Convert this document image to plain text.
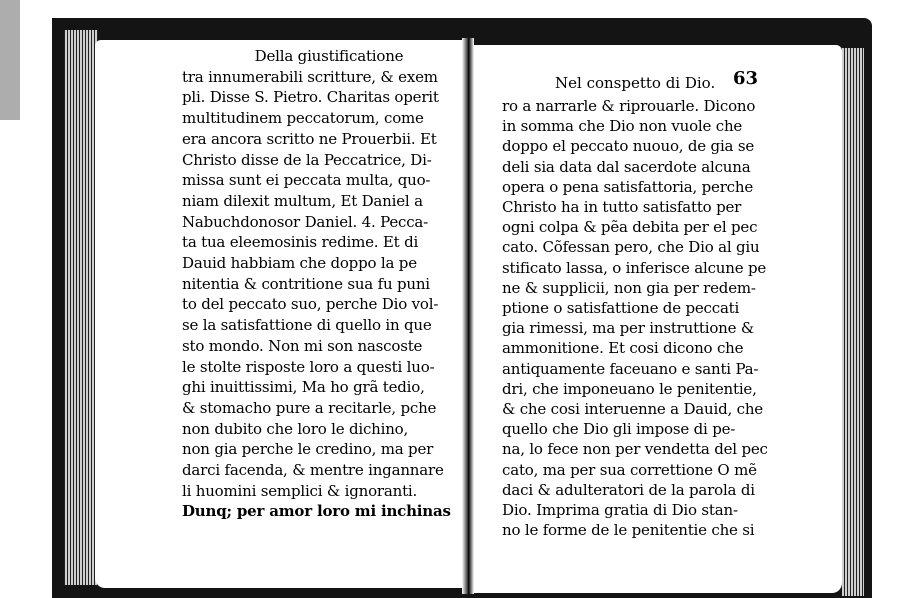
Della giustificatione
tra innumerabili scritture, & exem
pli. Disse S. Pietro. Charitas operit
multitudinem peccatorum, come
era ancora scritto ne Prouerbii. Et
Christo disse de la Peccatrice, Di-
missa sunt ei peccata multa, quo-
niam dilexit multum, Et Daniel a
Nabuchdonosor Daniel. 4. Pecca-
ta tua eleemosinis redime. Et di
Dauid habbiam che doppo la pe
nitentia & contritione sua fu puni
to del peccato suo, perche Dio vol-
se la satisfattione di quello in que
sto mondo. Non mi son nascoste
le stolte risposte loro a questi luo-
ghi inuittissimi, Ma ho grã tedio,
& stomacho pure a recitarle, pche
non dubito che loro le dichino,
non gia perche le credino, ma per
darci facenda, & mentre ingannare
li huomini semplici & ignoranti.
Dunq; per amor loro mi inchinas
Nel conspetto di Dio. 63
ro a narrarle & riprouarle. Dicono
in somma che Dio non vuole che
doppo el peccato nuouo, de gia se
deli sia data dal sacerdote alcuna
opera o pena satisfattoria, perche
Christo ha in tutto satisfatto per
ogni colpa & pẽa debita per el pec
cato. Cõfessan pero, che Dio al giu
stificato lassa, o inferisce alcune pe
ne & supplicii, non gia per redem-
ptione o satisfattione de peccati
gia rimessi, ma per instruttione &
ammonitione. Et cosi dicono che
antiquamente faceuano e santi Pa-
dri, che imponeuano le penitentie,
& che cosi interuenne a Dauid, che
quello che Dio gli impose di pe-
na, lo fece non per vendetta del pec
cato, ma per sua correttione O mẽ
daci & adulteratori de la parola di
Dio. Imprima gratia di Dio stan-
no le forme de le penitentie che si
